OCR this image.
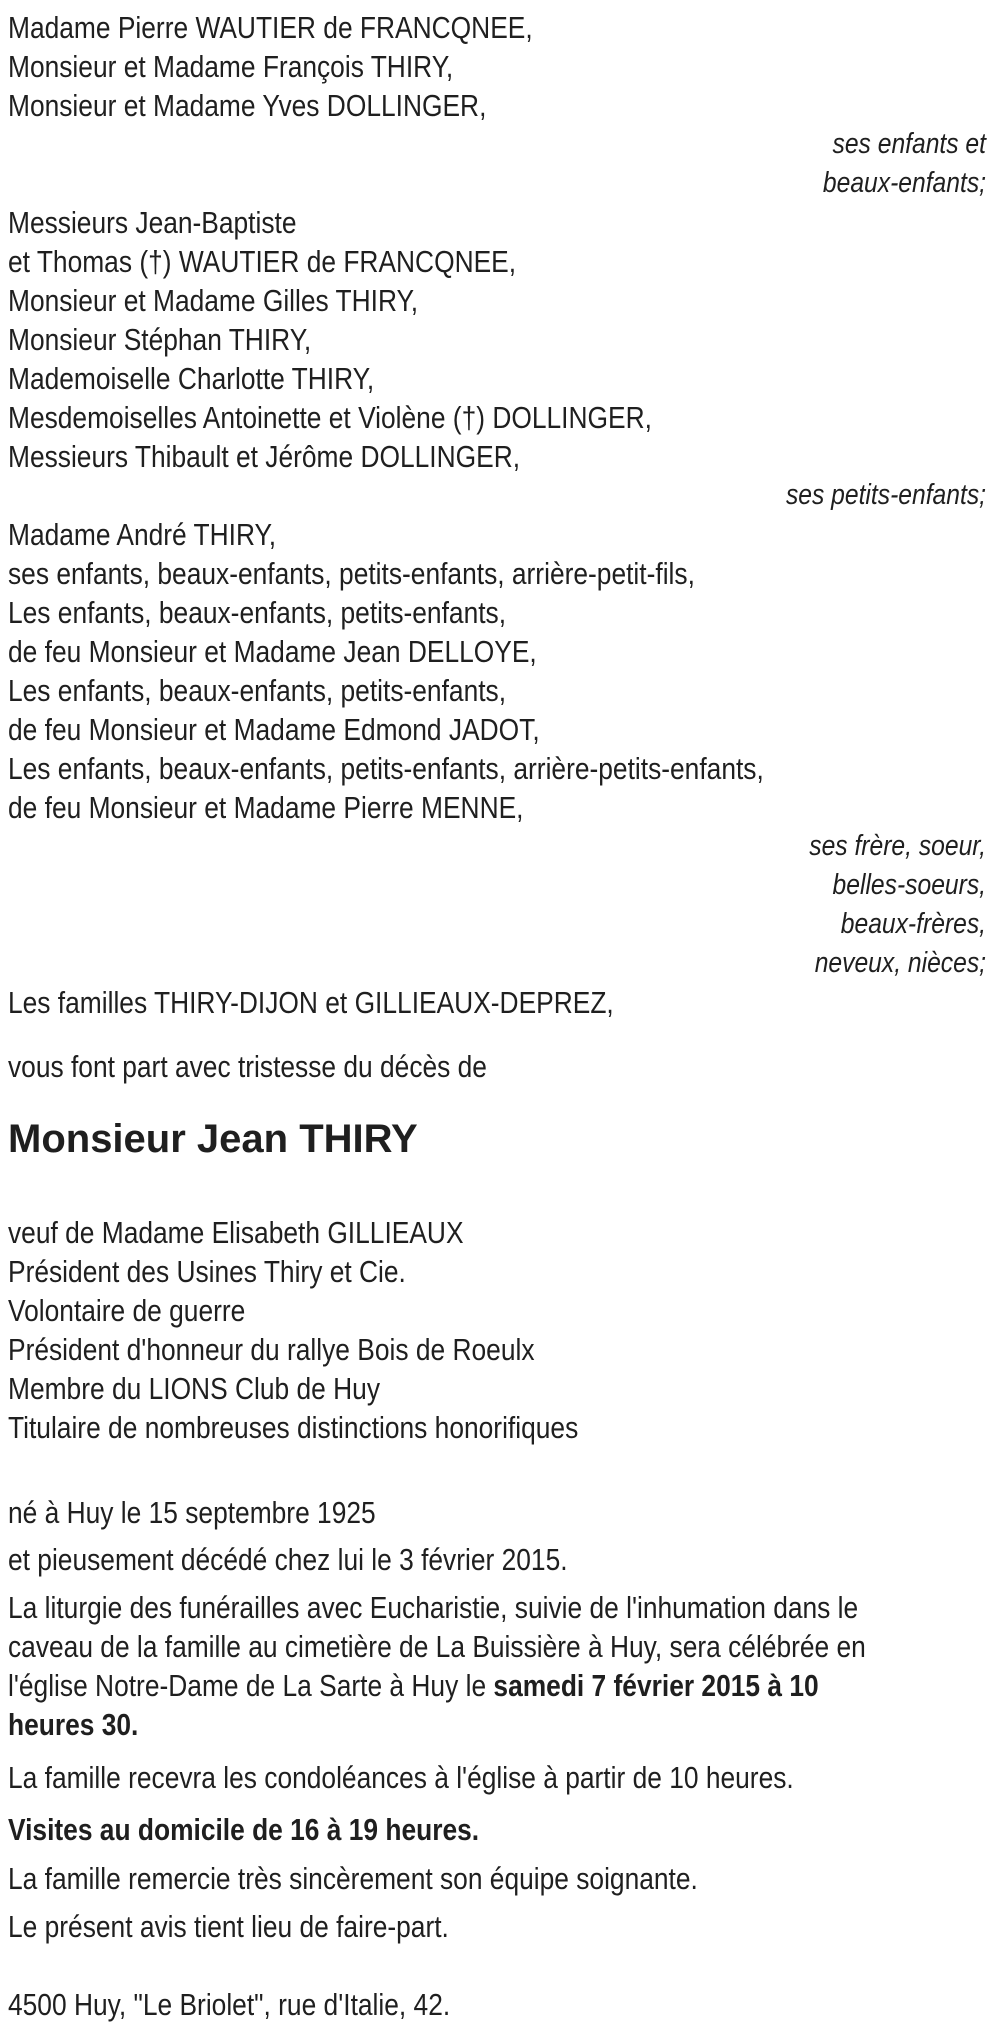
Madame Pierre WAUTIER de FRANCQNEE,
Monsieur et Madame François THIRY,
Monsieur et Madame Yves DOLLINGER,
ses enfants et
beaux-enfants;
Messieurs Jean-Baptiste
et Thomas (†) WAUTIER de FRANCQNEE,
Monsieur et Madame Gilles THIRY,
Monsieur Stéphan THIRY,
Mademoiselle Charlotte THIRY,
Mesdemoiselles Antoinette et Violène (†) DOLLINGER,
Messieurs Thibault et Jérôme DOLLINGER,
ses petits-enfants;
Madame André THIRY,
ses enfants, beaux-enfants, petits-enfants, arrière-petit-fils,
Les enfants, beaux-enfants, petits-enfants,
de feu Monsieur et Madame Jean DELLOYE,
Les enfants, beaux-enfants, petits-enfants,
de feu Monsieur et Madame Edmond JADOT,
Les enfants, beaux-enfants, petits-enfants, arrière-petits-enfants,
de feu Monsieur et Madame Pierre MENNE,
ses frère, soeur,
belles-soeurs,
beaux-frères,
neveux, nièces;
Les familles THIRY-DIJON et GILLIEAUX-DEPREZ,
vous font part avec tristesse du décès de
Monsieur Jean THIRY
veuf de Madame Elisabeth GILLIEAUX
Président des Usines Thiry et Cie.
Volontaire de guerre
Président d'honneur du rallye Bois de Roeulx
Membre du LIONS Club de Huy
Titulaire de nombreuses distinctions honorifiques
né à Huy le 15 septembre 1925
et pieusement décédé chez lui le 3 février 2015.
La liturgie des funérailles avec Eucharistie, suivie de l'inhumation dans le
caveau de la famille au cimetière de La Buissière à Huy, sera célébrée en
l'église Notre-Dame de La Sarte à Huy le samedi 7 février 2015 à 10
heures 30.
La famille recevra les condoléances à l'église à partir de 10 heures.
Visites au domicile de 16 à 19 heures.
La famille remercie très sincèrement son équipe soignante.
Le présent avis tient lieu de faire-part.
4500 Huy, "Le Briolet", rue d'Italie, 42.
